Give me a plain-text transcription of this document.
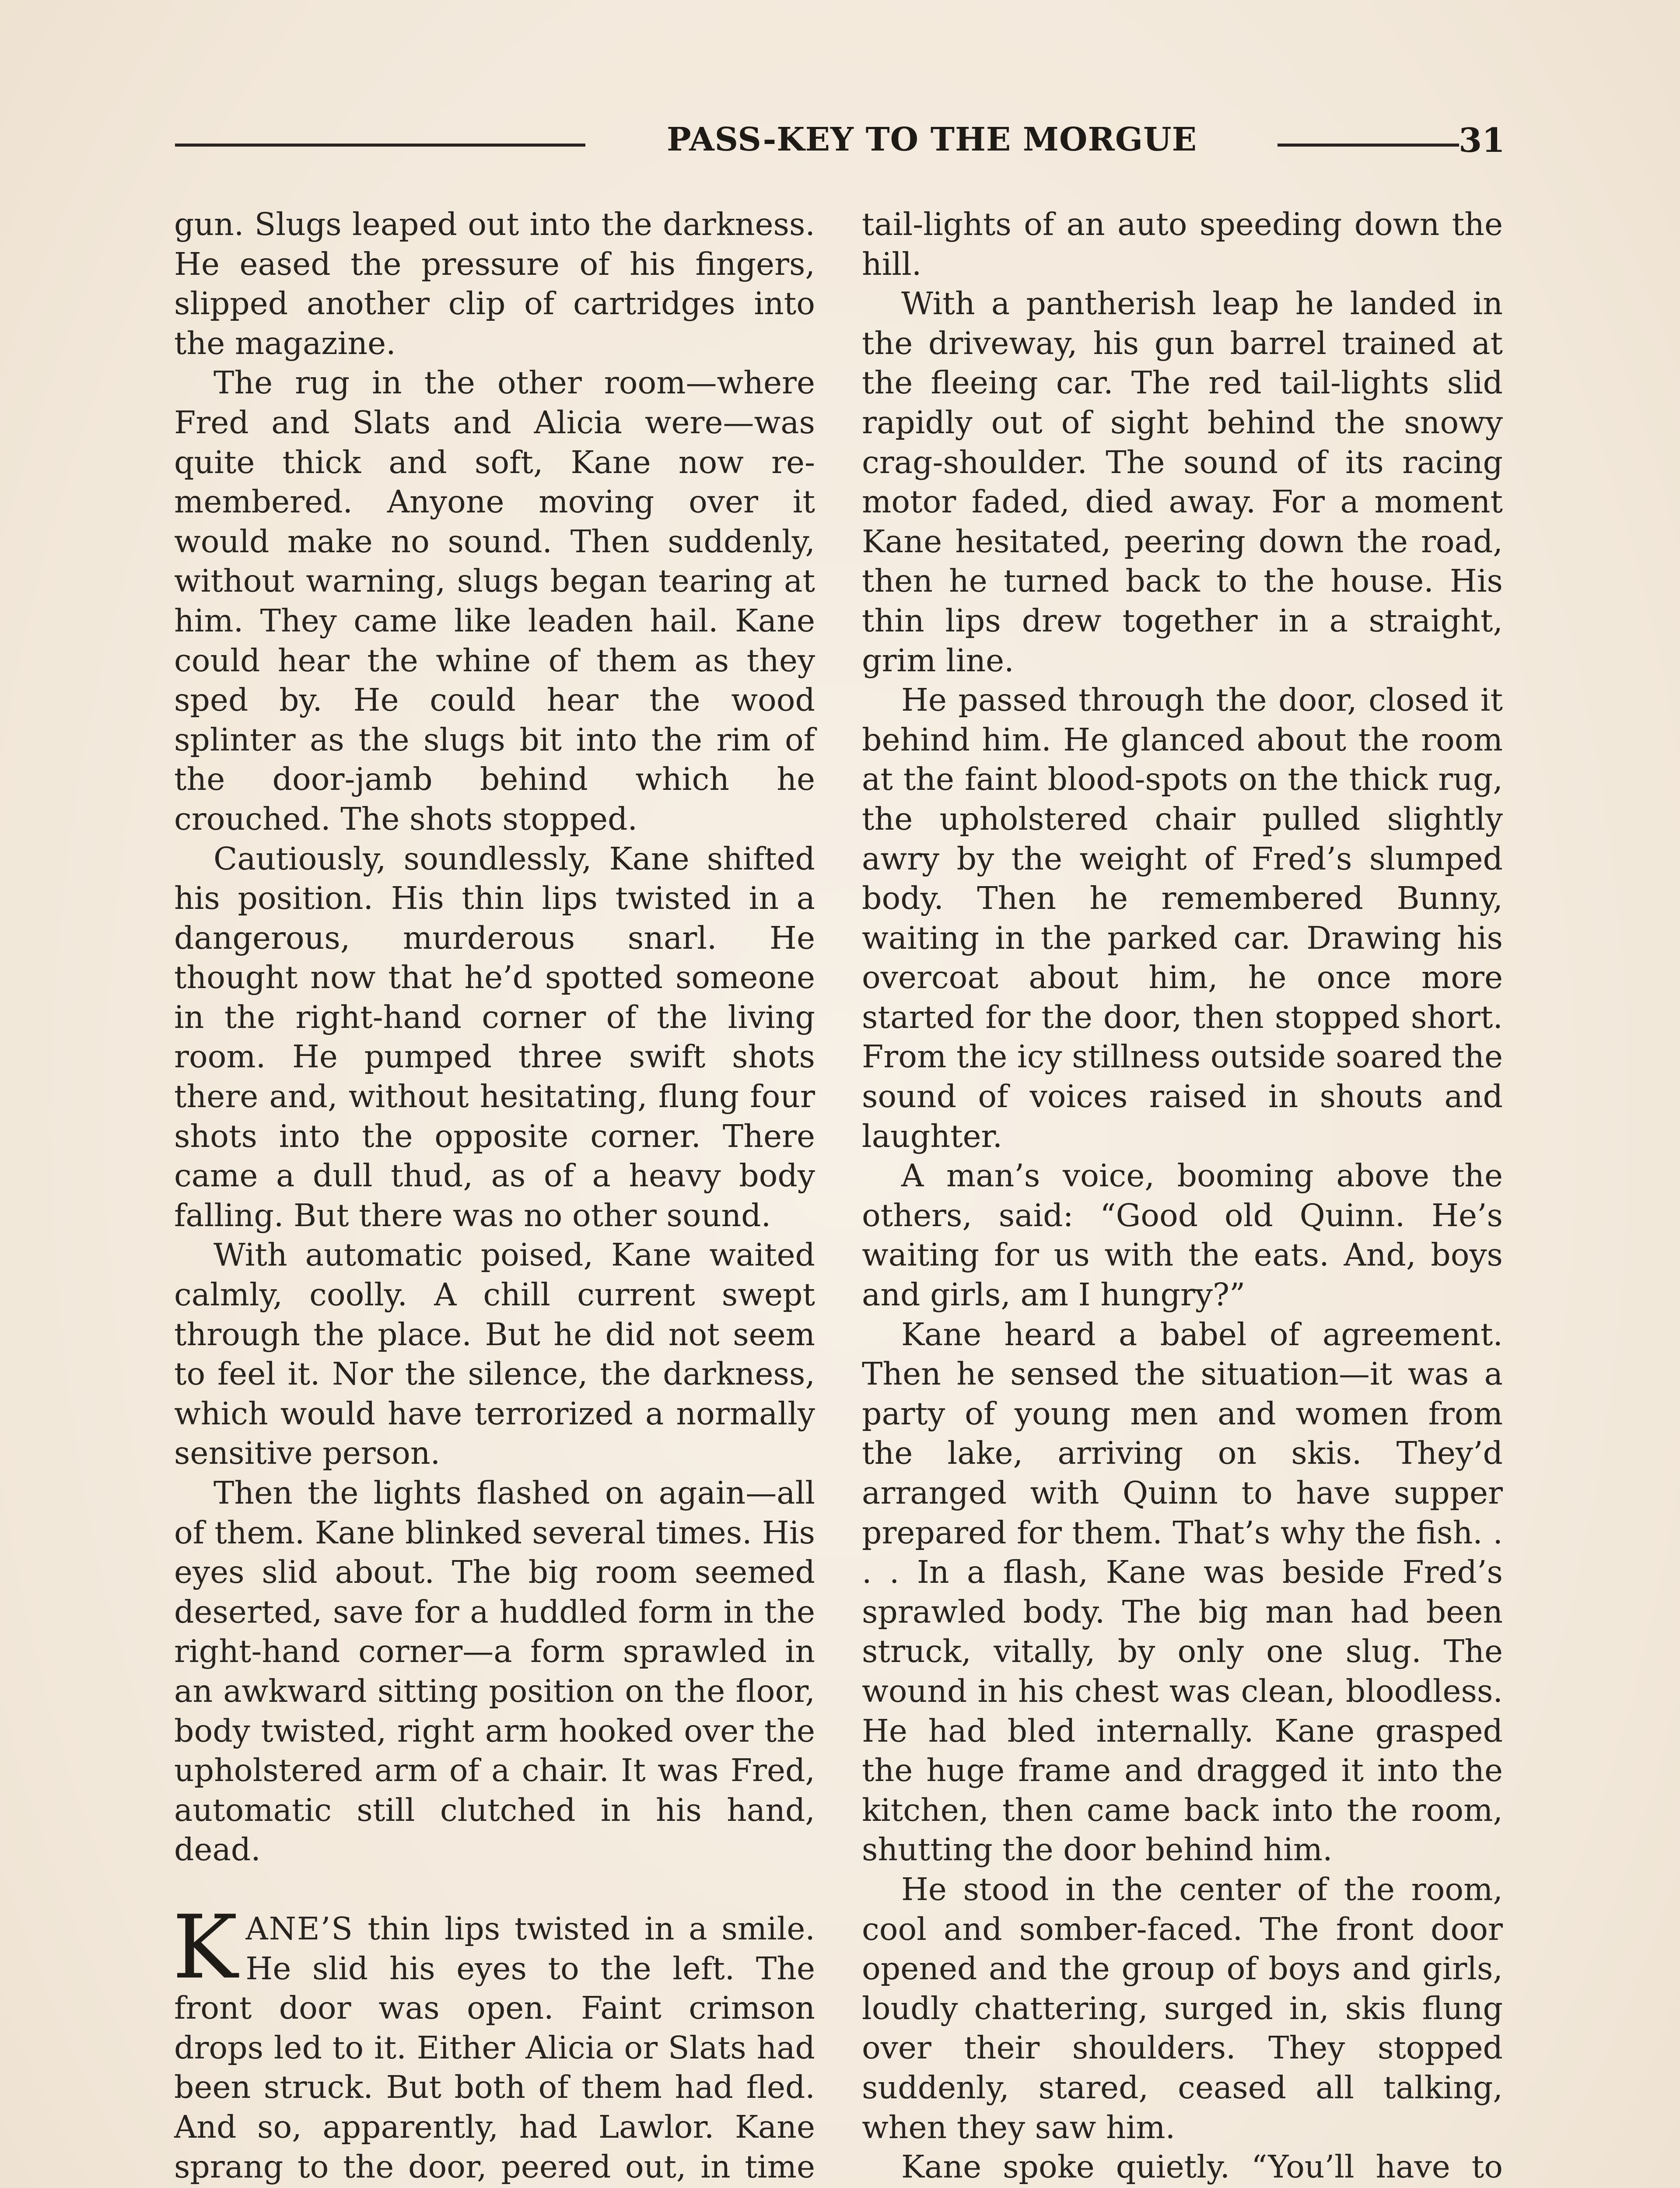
PASS-KEY TO THE MORGUE	31

gun. Slugs leaped out into the darkness. He eased the pressure of his fingers, slipped another clip of cartridges into the magazine.

The rug in the other room—where Fred and Slats and Alicia were—was quite thick and soft, Kane now remembered. Anyone moving over it would make no sound. Then suddenly, without warning, slugs began tearing at him. They came like leaden hail. Kane could hear the whine of them as they sped by. He could hear the wood splinter as the slugs bit into the rim of the door-jamb behind which he crouched. The shots stopped.

Cautiously, soundlessly, Kane shifted his position. His thin lips twisted in a dangerous, murderous snarl. He thought now that he’d spotted someone in the right-hand corner of the living room. He pumped three swift shots there and, without hesitating, flung four shots into the opposite corner. There came a dull thud, as of a heavy body falling. But there was no other sound.

With automatic poised, Kane waited calmly, coolly. A chill current swept through the place. But he did not seem to feel it. Nor the silence, the darkness, which would have terrorized a normally sensitive person.

Then the lights flashed on again—all of them. Kane blinked several times. His eyes slid about. The big room seemed deserted, save for a huddled form in the right-hand corner—a form sprawled in an awkward sitting position on the floor, body twisted, right arm hooked over the upholstered arm of a chair. It was Fred, automatic still clutched in his hand, dead.

KANE’S thin lips twisted in a smile. He slid his eyes to the left. The front door was open. Faint crimson drops led to it. Either Alicia or Slats had been struck. But both of them had fled. And so, apparently, had Lawlor. Kane sprang to the door, peered out, in time

tail-lights of an auto speeding down the hill.

With a pantherish leap he landed in the driveway, his gun barrel trained at the fleeing car. The red tail-lights slid rapidly out of sight behind the snowy crag-shoulder. The sound of its racing motor faded, died away. For a moment Kane hesitated, peering down the road, then he turned back to the house. His thin lips drew together in a straight, grim line.

He passed through the door, closed it behind him. He glanced about the room at the faint blood-spots on the thick rug, the upholstered chair pulled slightly awry by the weight of Fred’s slumped body. Then he remembered Bunny, waiting in the parked car. Drawing his overcoat about him, he once more started for the door, then stopped short. From the icy stillness outside soared the sound of voices raised in shouts and laughter.

A man’s voice, booming above the others, said: “Good old Quinn. He’s waiting for us with the eats. And, boys and girls, am I hungry?”

Kane heard a babel of agreement. Then he sensed the situation—it was a party of young men and women from the lake, arriving on skis. They’d arranged with Quinn to have supper prepared for them. That’s why the fish. . . . In a flash, Kane was beside Fred’s sprawled body. The big man had been struck, vitally, by only one slug. The wound in his chest was clean, bloodless. He had bled internally. Kane grasped the huge frame and dragged it into the kitchen, then came back into the room, shutting the door behind him.

He stood in the center of the room, cool and somber-faced. The front door opened and the group of boys and girls, loudly chattering, surged in, skis flung over their shoulders. They stopped suddenly, stared, ceased all talking, when they saw him.

Kane spoke quietly. “You’ll have to
